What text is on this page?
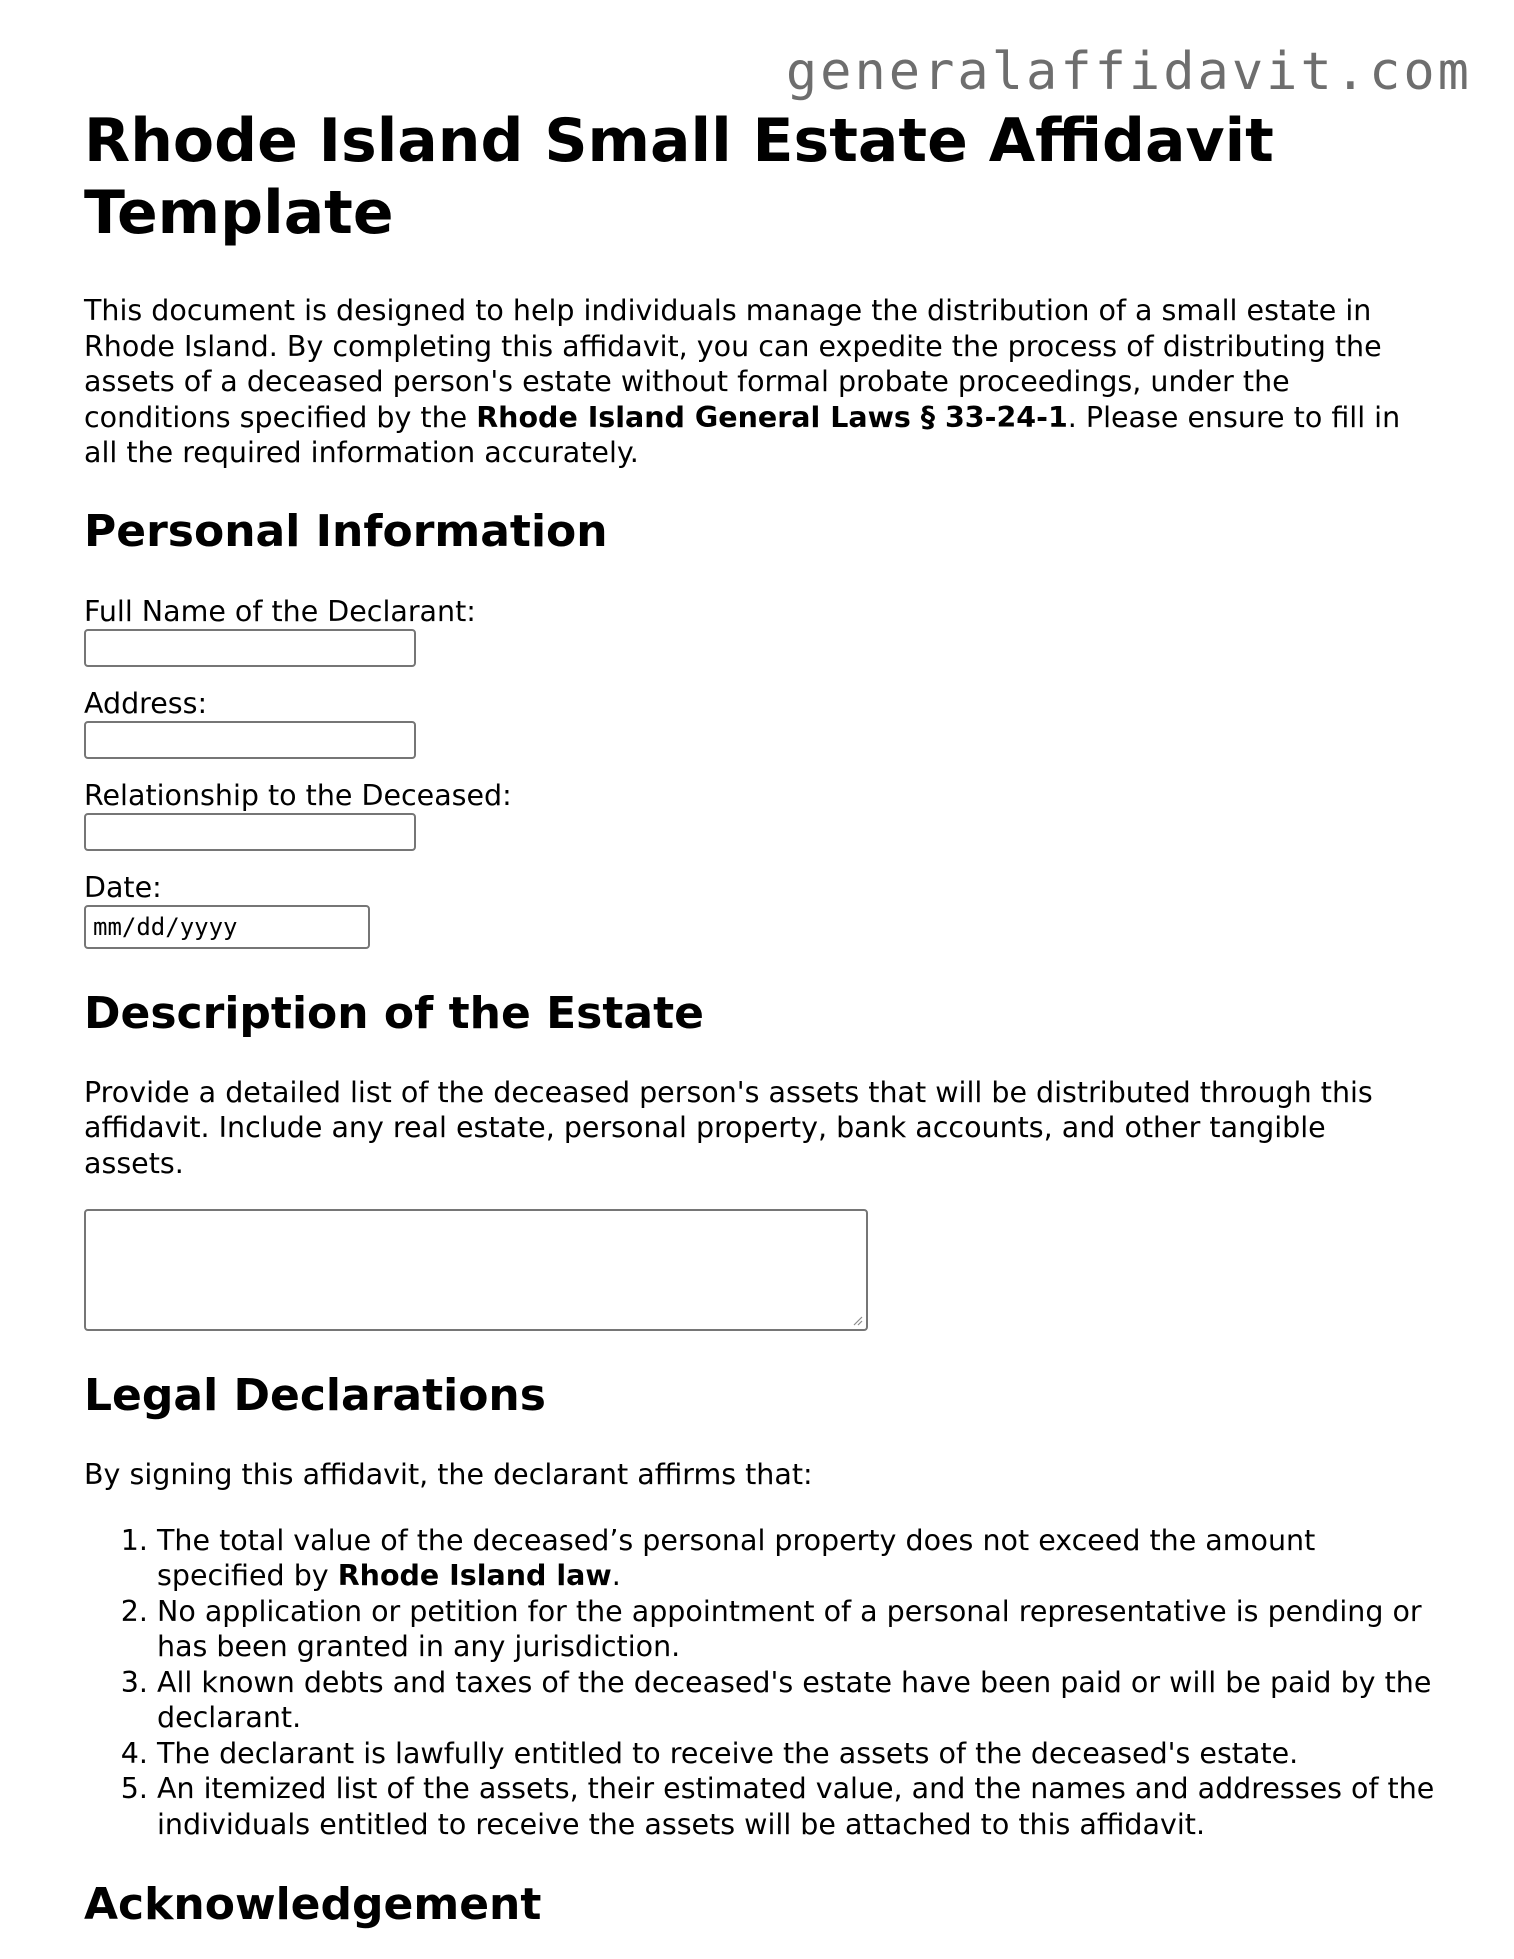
generalaffidavit.com
Rhode Island Small Estate Affidavit Template

This document is designed to help individuals manage the distribution of a small estate in Rhode Island. By completing this affidavit, you can expedite the process of distributing the assets of a deceased person's estate without formal probate proceedings, under the conditions specified by the Rhode Island General Laws § 33-24-1. Please ensure to fill in all the required information accurately.

Personal Information
Full Name of the Declarant:
Address:
Relationship to the Deceased:
Date:
mm/dd/yyyy
Description of the Estate

Provide a detailed list of the deceased person's assets that will be distributed through this affidavit. Include any real estate, personal property, bank accounts, and other tangible assets.

Legal Declarations

By signing this affidavit, the declarant affirms that:

1. The total value of the deceased’s personal property does not exceed the amount specified by Rhode Island law.
2. No application or petition for the appointment of a personal representative is pending or has been granted in any jurisdiction.
3. All known debts and taxes of the deceased's estate have been paid or will be paid by the declarant.
4. The declarant is lawfully entitled to receive the assets of the deceased's estate.
5. An itemized list of the assets, their estimated value, and the names and addresses of the individuals entitled to receive the assets will be attached to this affidavit.
Acknowledgement
